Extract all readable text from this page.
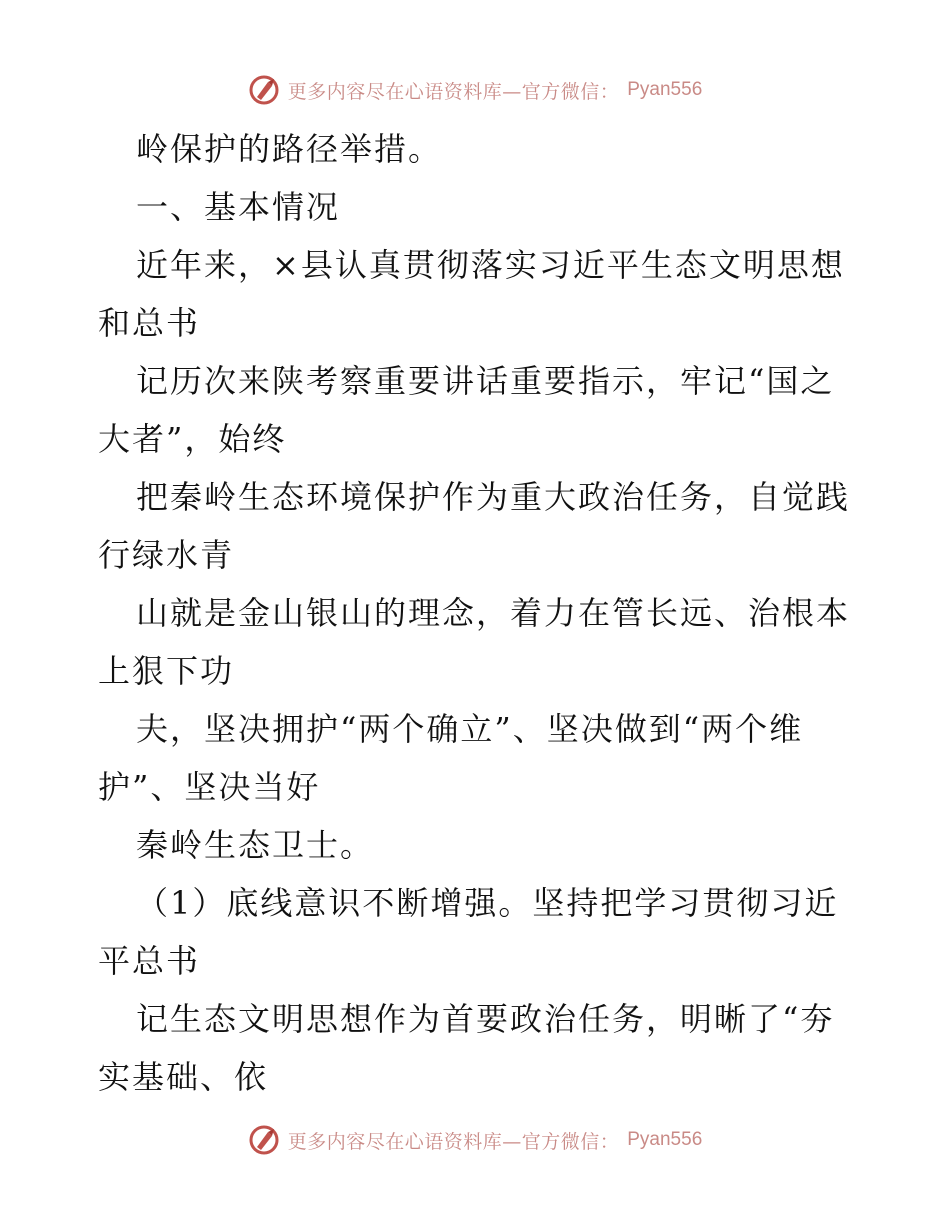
更多内容尽在心语资料库—官方微信： Pyan556
岭保护的路径举措。
一、基本情况
近年来，×县认真贯彻落实习近平生态文明思想
和总书
记历次来陕考察重要讲话重要指示，牢记“国之
大者”，始终
把秦岭生态环境保护作为重大政治任务，自觉践
行绿水青
山就是金山银山的理念，着力在管长远、治根本
上狠下功
夫，坚决拥护“两个确立”、坚决做到“两个维
护”、坚决当好
秦岭生态卫士。
（1）底线意识不断增强。坚持把学习贯彻习近
平总书
记生态文明思想作为首要政治任务，明晰了“夯
实基础、依
更多内容尽在心语资料库—官方微信： Pyan556
